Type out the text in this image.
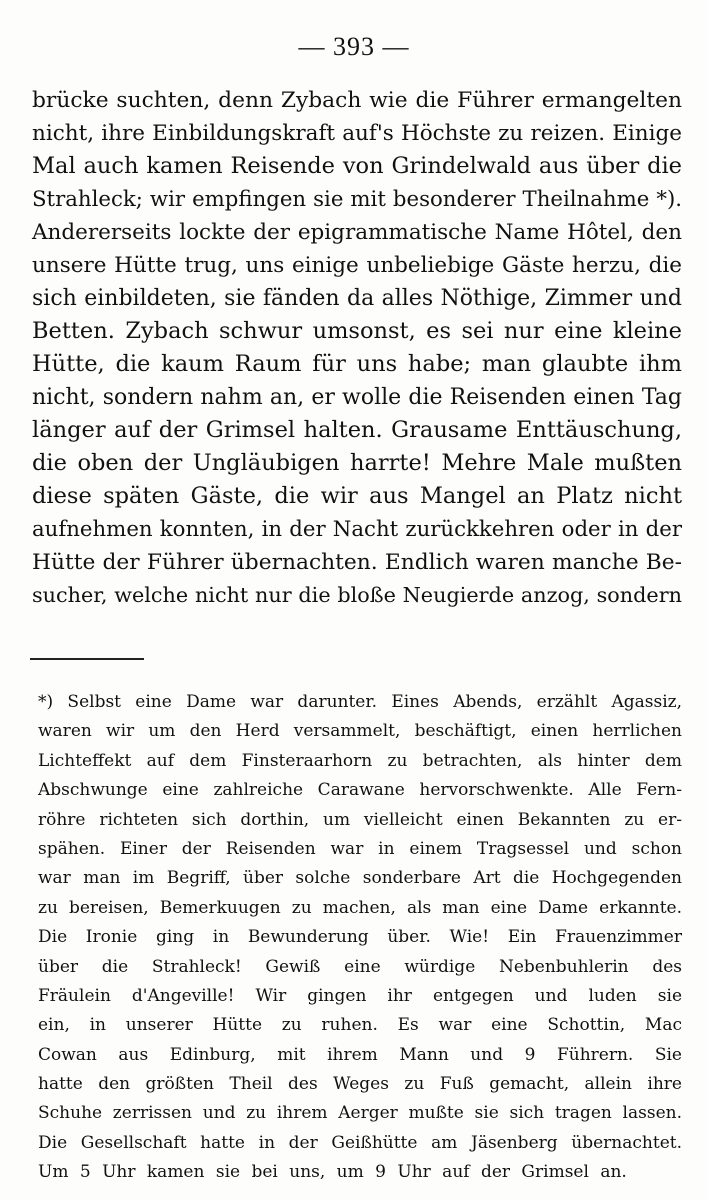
— 393 —
brücke suchten, denn Zybach wie die Führer ermangelten
nicht, ihre Einbildungskraft auf's Höchste zu reizen. Einige
Mal auch kamen Reisende von Grindelwald aus über die
Strahleck; wir empfingen sie mit besonderer Theilnahme *).
Andererseits lockte der epigrammatische Name Hôtel, den
unsere Hütte trug, uns einige unbeliebige Gäste herzu, die
sich einbildeten, sie fänden da alles Nöthige, Zimmer und
Betten. Zybach schwur umsonst, es sei nur eine kleine
Hütte, die kaum Raum für uns habe; man glaubte ihm
nicht, sondern nahm an, er wolle die Reisenden einen Tag
länger auf der Grimsel halten. Grausame Enttäuschung,
die oben der Ungläubigen harrte! Mehre Male mußten
diese späten Gäste, die wir aus Mangel an Platz nicht
aufnehmen konnten, in der Nacht zurückkehren oder in der
Hütte der Führer übernachten. Endlich waren manche Be-
sucher, welche nicht nur die bloße Neugierde anzog, sondern
*) Selbst eine Dame war darunter. Eines Abends, erzählt Agassiz,
waren wir um den Herd versammelt, beschäftigt, einen herrlichen
Lichteffekt auf dem Finsteraarhorn zu betrachten, als hinter dem
Abschwunge eine zahlreiche Carawane hervorschwenkte. Alle Fern-
röhre richteten sich dorthin, um vielleicht einen Bekannten zu er-
spähen. Einer der Reisenden war in einem Tragsessel und schon
war man im Begriff, über solche sonderbare Art die Hochgegenden
zu bereisen, Bemerkuugen zu machen, als man eine Dame erkannte.
Die Ironie ging in Bewunderung über. Wie! Ein Frauenzimmer
über die Strahleck! Gewiß eine würdige Nebenbuhlerin des
Fräulein d'Angeville! Wir gingen ihr entgegen und luden sie
ein, in unserer Hütte zu ruhen. Es war eine Schottin, Mac
Cowan aus Edinburg, mit ihrem Mann und 9 Führern. Sie
hatte den größten Theil des Weges zu Fuß gemacht, allein ihre
Schuhe zerrissen und zu ihrem Aerger mußte sie sich tragen lassen.
Die Gesellschaft hatte in der Geißhütte am Jäsenberg übernachtet.
Um 5 Uhr kamen sie bei uns, um 9 Uhr auf der Grimsel an.
